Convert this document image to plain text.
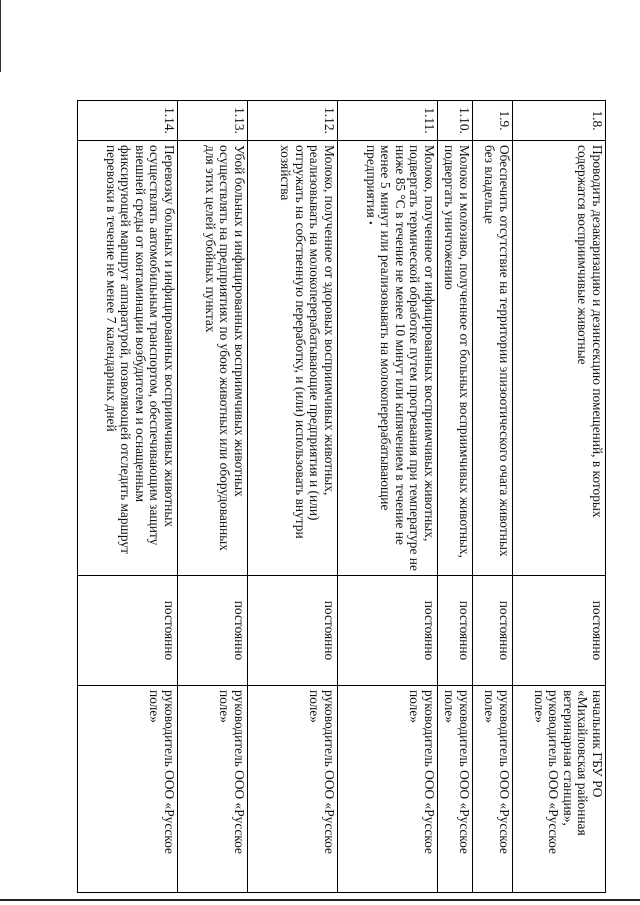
1.8.	Проводить дезакаризацию и дезинсекцию помещений, в которых содержатся восприимчивые животные	постоянно	начальник ГБУ РО «Михайловская районная ветеринарная станция», руководитель ООО «Русское поле»
1.9.	Обеспечить отсутствие на территории эпизоотического очага животных без владельце	постоянно	руководитель ООО «Русское поле»
1.10.	Молоко и молозиво, полученное от больных восприимчивых животных, подвергать уничтожению	постоянно	руководитель ООО «Русское поле»
1.11.	Молоко, полученное от инфицированных восприимчивых животных, подвергать термической обработке путем прогревания при температуре не ниже 85 °С в течение не менее 10 минут или кипячением в течение не менее 5 минут или реализовывать на молокоперерабатывающие предприятия •	постоянно	руководитель ООО «Русское поле»
1.12.	Молоко, полученное от здоровых восприимчивых животных, реализовывать на молокоперерабатывающие предприятия и (или) отгружать на собственную переработку, и (или) использовать внутри хозяйства	постоянно	руководитель ООО «Русское поле»
1.13.	Убой больных и инфицированных восприимчивых животных осуществлять на предприятиях по убою животных или оборудованных для этих целей убойных пунктах	постоянно	руководитель ООО «Русское поле»
1.14.	Перевозку больных и инфицированных восприимчивых животных осуществлять автомобильным транспортом, обеспечивающим защиту внешней среды от контаминации возбудителем и оснащенным фиксирующей маршрут аппаратурой, позволяющей отследить маршрут перевозки в течение не менее 7 календарных дней	постоянно	руководитель ООО «Русское поле»
